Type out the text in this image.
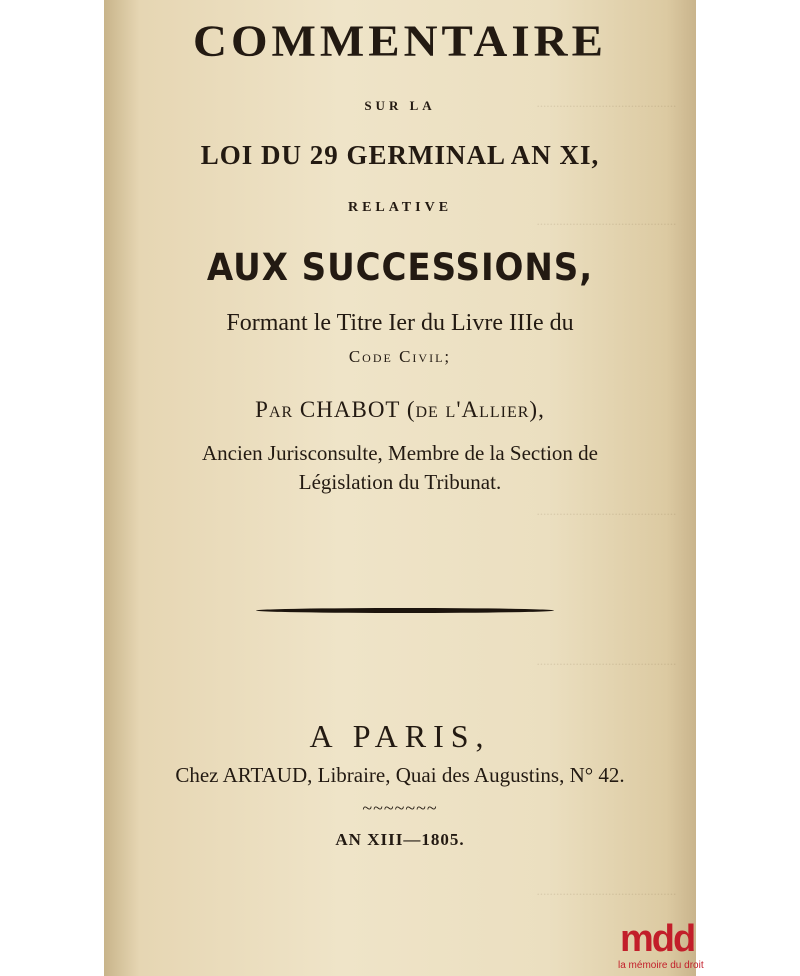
...........................................
...........................................
...........................................
...........................................
...........................................
COMMENTAIRE
SUR LA
LOI DU 29 GERMINAL AN XI,
RELATIVE
AUX SUCCESSIONS,
Formant le Titre Ier du Livre IIIe du
Code Civil;
Par CHABOT (de l'Allier),
Ancien Jurisconsulte, Membre de la Section de
Législation du Tribunat.
A PARIS,
Chez ARTAUD, Libraire, Quai des Augustins, N° 42.
~~~~~~~
AN XIII—1805.
mdd
la mémoire du droit
